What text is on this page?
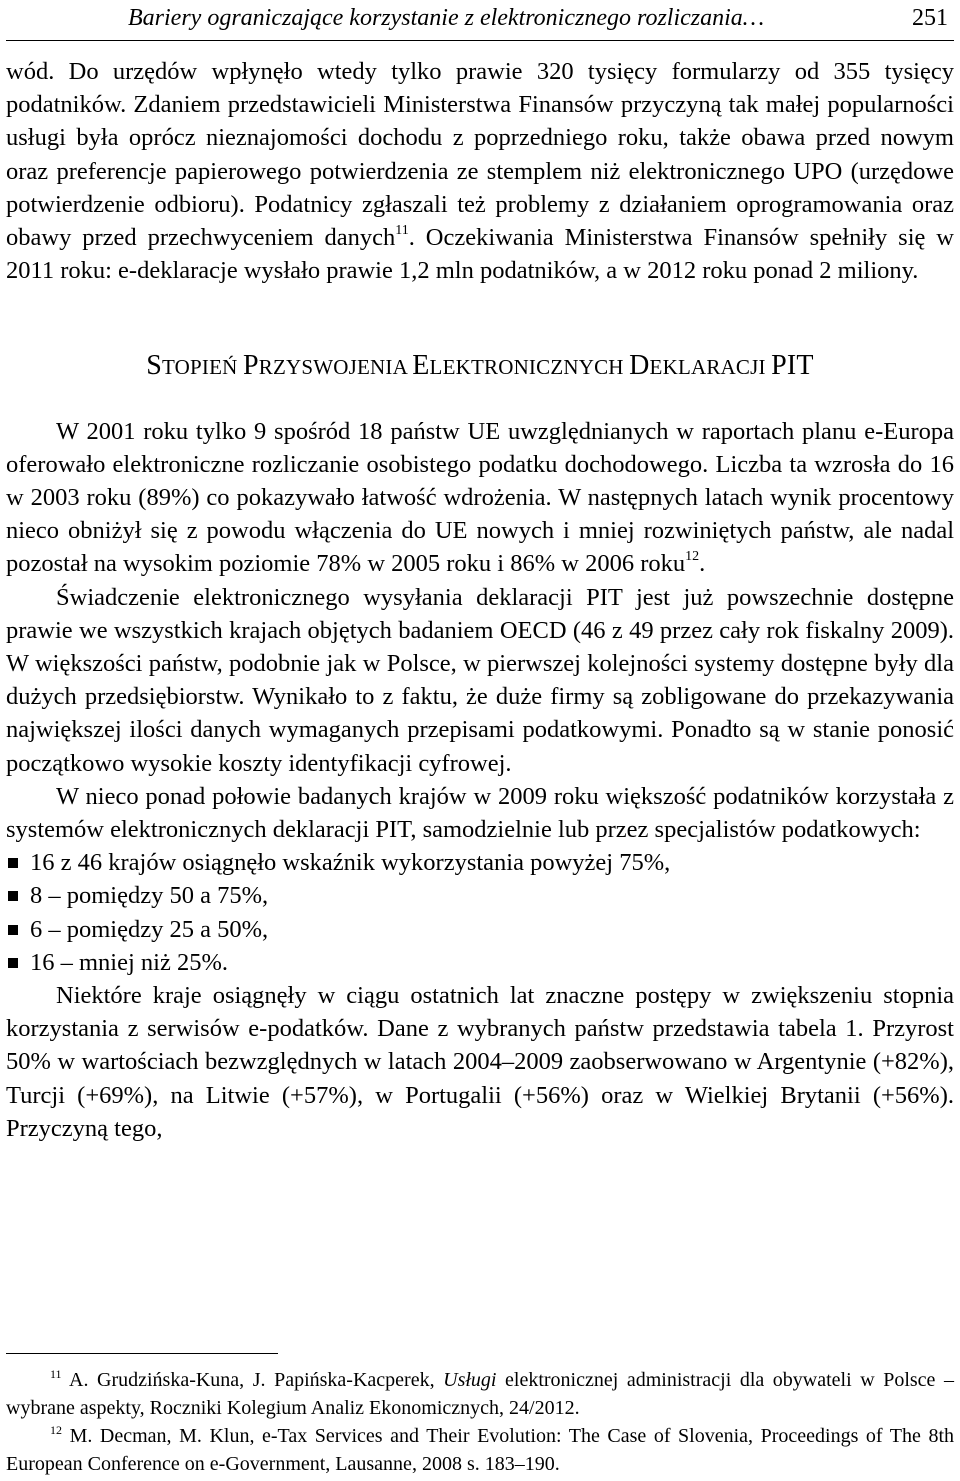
Bariery ograniczające korzystanie z elektronicznego rozliczania…	251

wód. Do urzędów wpłynęło wtedy tylko prawie 320 tysięcy formularzy od 355 tysięcy podatników. Zdaniem przedstawicieli Ministerstwa Finansów przyczyną tak małej popularności usługi była oprócz nieznajomości dochodu z poprzedniego roku, także obawa przed nowym oraz preferencje papierowego potwierdzenia ze stemplem niż elektronicznego UPO (urzędowe potwierdzenie odbioru). Podatnicy zgłaszali też problemy z działaniem oprogramowania oraz obawy przed przechwyceniem danych$^{11}$. Oczekiwania Ministerstwa Finansów spełniły się w 2011 roku: e-deklaracje wysłało prawie 1,2 mln podatników, a w 2012 roku ponad 2 miliony.

STOPIEŃ PRZYSWOJENIA ELEKTRONICZNYCH DEKLARACJI PIT

W 2001 roku tylko 9 spośród 18 państw UE uwzględnianych w raportach planu e-Europa oferowało elektroniczne rozliczanie osobistego podatku dochodowego. Liczba ta wzrosła do 16 w 2003 roku (89%) co pokazywało łatwość wdrożenia. W następnych latach wynik procentowy nieco obniżył się z powodu włączenia do UE nowych i mniej rozwiniętych państw, ale nadal pozostał na wysokim poziomie 78% w 2005 roku i 86% w 2006 roku$^{12}$.

Świadczenie elektronicznego wysyłania deklaracji PIT jest już powszechnie dostępne prawie we wszystkich krajach objętych badaniem OECD (46 z 49 przez cały rok fiskalny 2009). W większości państw, podobnie jak w Polsce, w pierwszej kolejności systemy dostępne były dla dużych przedsiębiorstw. Wynikało to z faktu, że duże firmy są zobligowane do przekazywania największej ilości danych wymaganych przepisami podatkowymi. Ponadto są w stanie ponosić początkowo wysokie koszty identyfikacji cyfrowej.

W nieco ponad połowie badanych krajów w 2009 roku większość podatników korzystała z systemów elektronicznych deklaracji PIT, samodzielnie lub przez specjalistów podatkowych:

16 z 46 krajów osiągnęło wskaźnik wykorzystania powyżej 75%,
8 – pomiędzy 50 a 75%,
6 – pomiędzy 25 a 50%,
16 – mniej niż 25%.

Niektóre kraje osiągnęły w ciągu ostatnich lat znaczne postępy w zwiększeniu stopnia korzystania z serwisów e-podatków. Dane z wybranych państw przedstawia tabela 1. Przyrost 50% w wartościach bezwzględnych w latach 2004–2009 zaobserwowano w Argentynie (+82%), Turcji (+69%), na Litwie (+57%), w Portugalii (+56%) oraz w Wielkiej Brytanii (+56%). Przyczyną tego,

$^{11}$ A. Grudzińska-Kuna, J. Papińska-Kacperek, Usługi elektronicznej administracji dla obywateli w Polsce – wybrane aspekty, Roczniki Kolegium Analiz Ekonomicznych, 24/2012.

$^{12}$ M. Decman, M. Klun, e-Tax Services and Their Evolution: The Case of Slovenia, Proceedings of The 8th European Conference on e-Government, Lausanne, 2008 s. 183–190.
